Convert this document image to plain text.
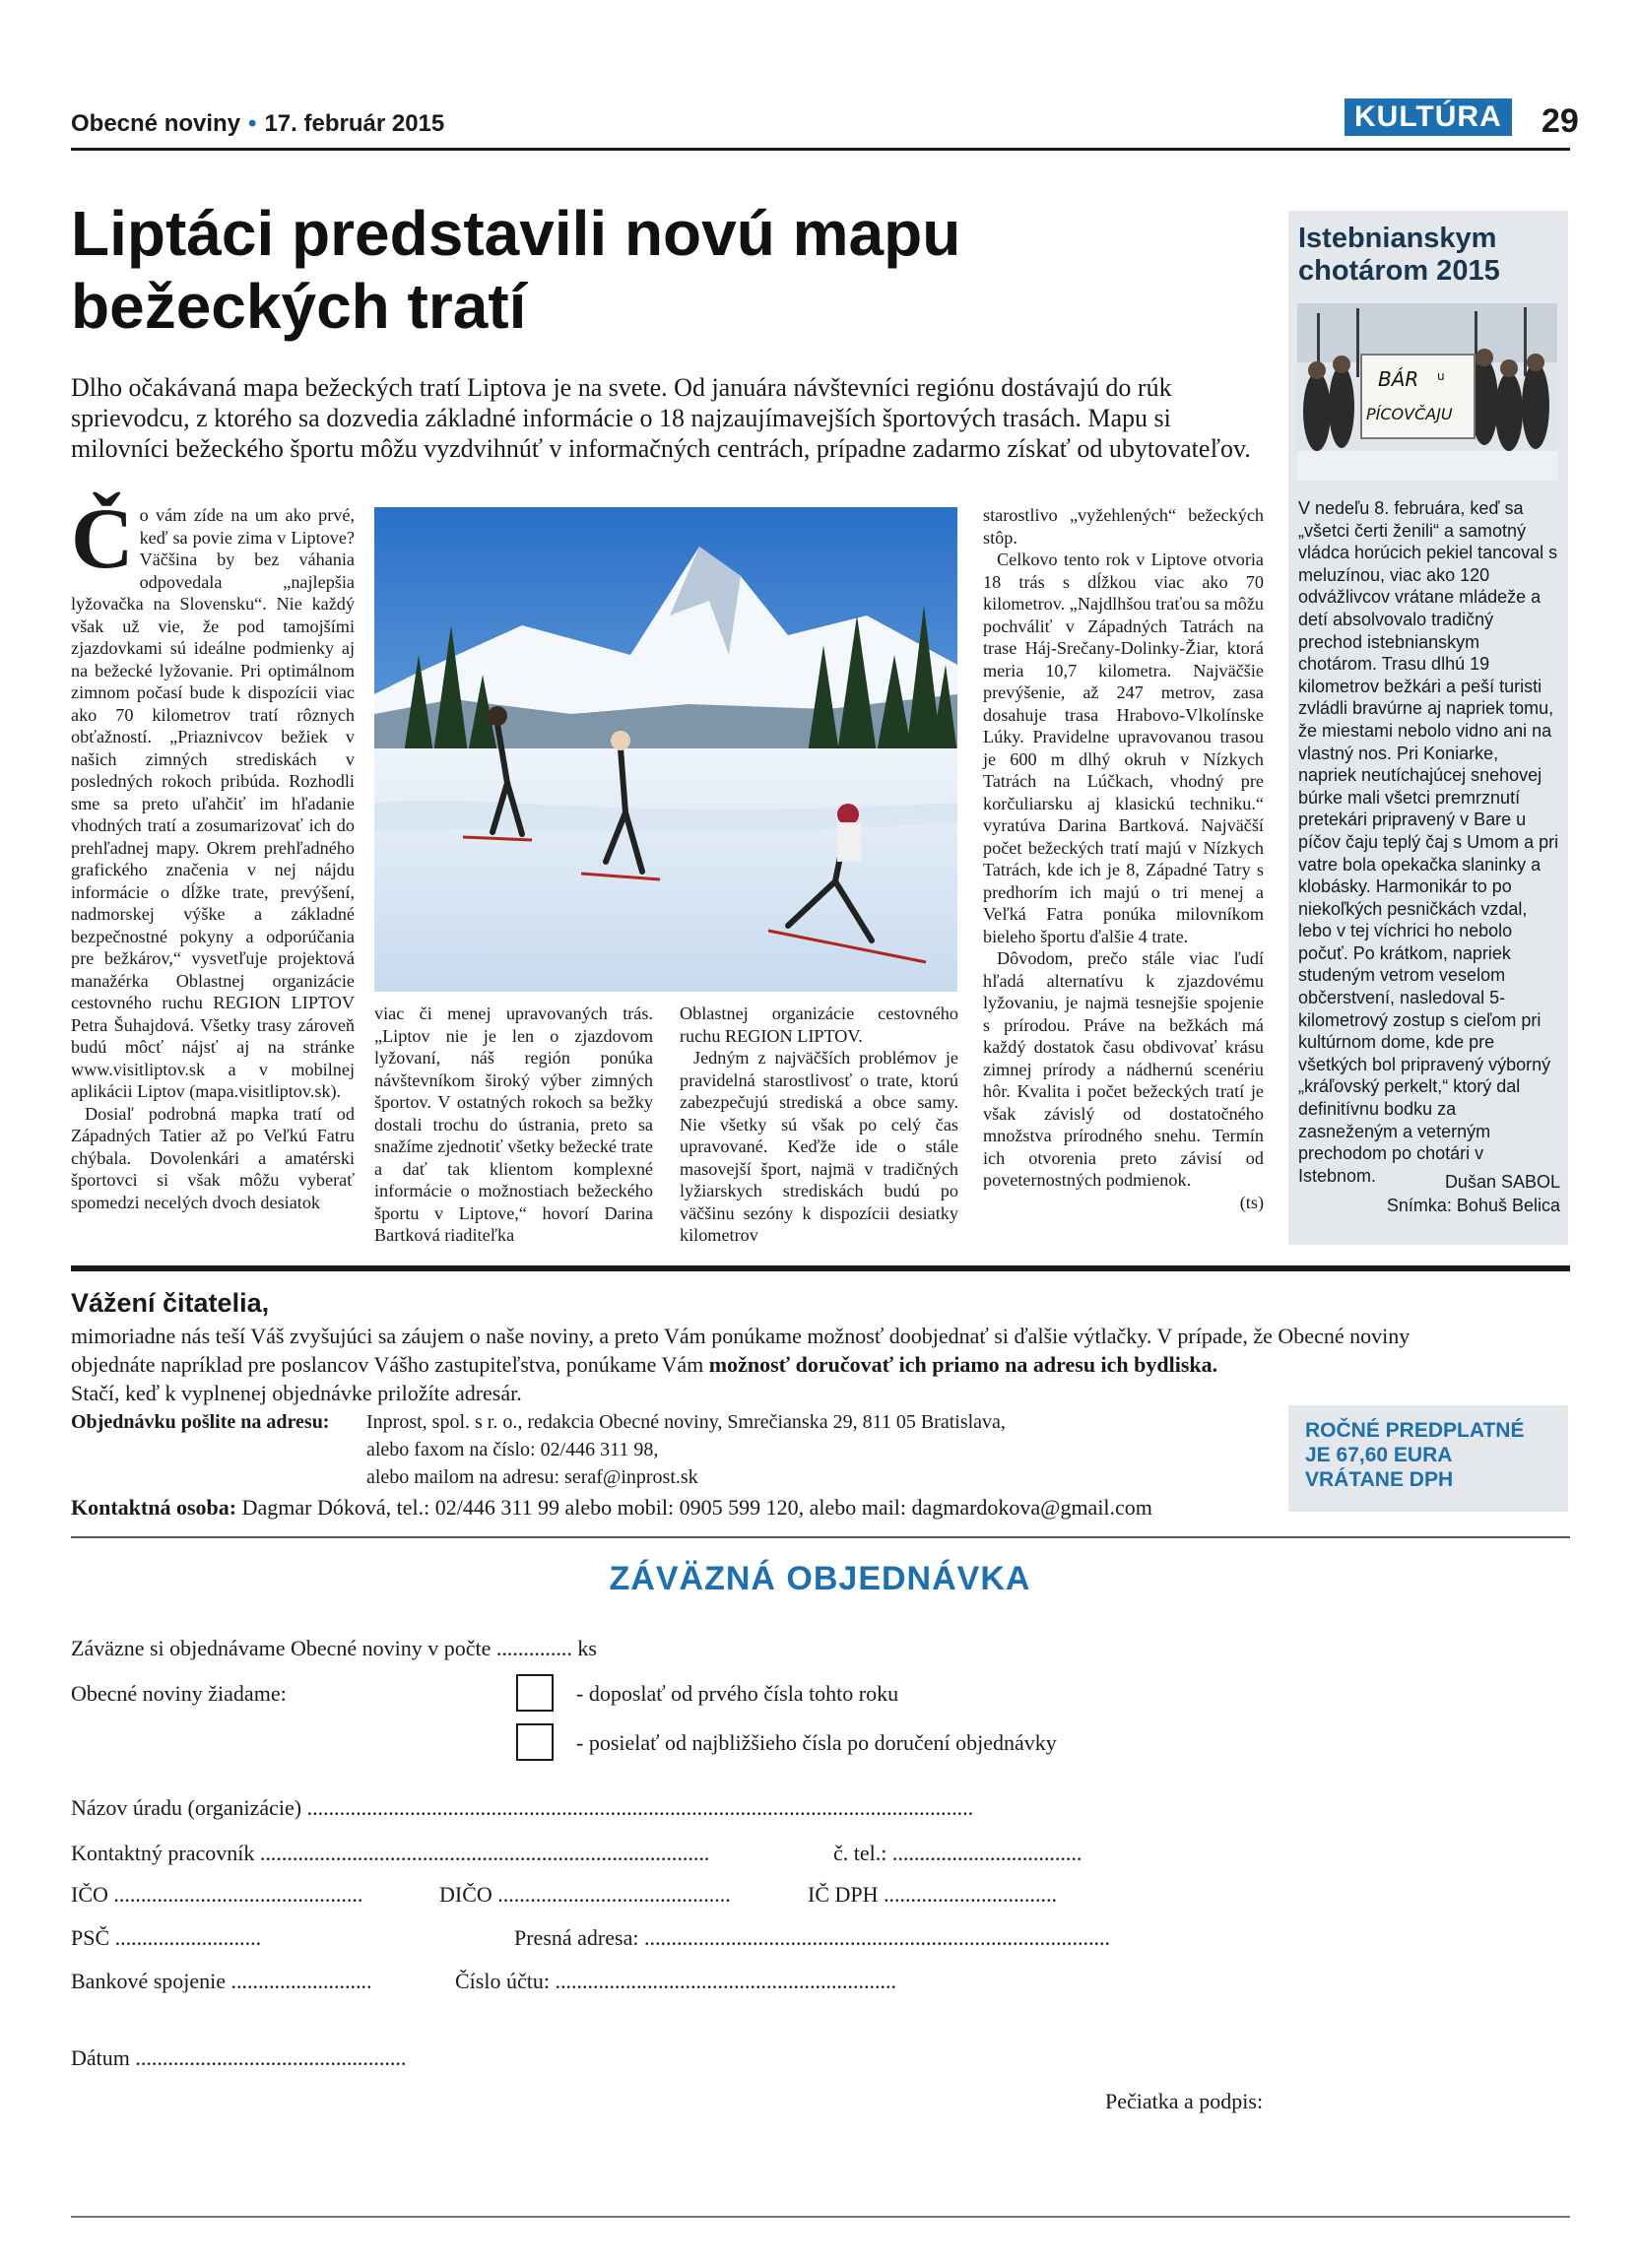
Obecné noviny • 17. február 2015	KULTÚRA 29
Liptáci predstavili novú mapu
bežeckých tratí
Dlho očakávaná mapa bežeckých tratí Liptova je na svete. Od januára návštevníci regiónu dostávajú do rúk sprievodcu, z ktorého sa dozvedia základné informácie o 18 najzaujímavejších športových trasách. Mapu si milovníci bežeckého športu môžu vyzdvihnúť v informačných centrách, prípadne zadarmo získať od ubytovateľov.
Č o vám zíde na um ako prvé, keď sa povie zima v Liptove? Väčšina by bez váhania odpovedala „najlepšia lyžovačka na Slovensku“. Nie každý však už vie, že pod tamojšími zjazdovkami sú ideálne podmienky aj na bežecké lyžovanie. Pri optimálnom zimnom počasí bude k dispozícii viac ako 70 kilometrov tratí rôznych obťažností. „Priaznivcov bežiek v našich zimných strediskách v posledných rokoch pribúda. Rozhodli sme sa preto uľahčiť im hľadanie vhodných tratí a zosumarizovať ich do prehľadnej mapy. Okrem prehľadného grafického značenia v nej nájdu informácie o dĺžke trate, prevýšení, nadmorskej výške a základné bezpečnostné pokyny a odporúčania pre bežkárov,“ vysvetľuje projektová manažérka Oblastnej organizácie cestovného ruchu REGION LIPTOV Petra Šuhajdová. Všetky trasy zároveň budú môcť nájsť aj na stránke www.visitliptov.sk a v mobilnej aplikácii Liptov (mapa.visitliptov.sk).

Dosiaľ podrobná mapka tratí od Západných Tatier až po Veľkú Fatru chýbala. Dovolenkári a amatérski športovci si však môžu vyberať spomedzi necelých dvoch desiatok

viac či menej upravovaných trás. „Liptov nie je len o zjazdovom lyžovaní, náš región ponúka návštevníkom široký výber zimných športov. V ostatných rokoch sa bežky dostali trochu do ústrania, preto sa snažíme zjednotiť všetky bežecké trate a dať tak klientom komplexné informácie o možnostiach bežeckého športu v Liptove,“ hovorí Darina Bartková riaditeľka

Oblastnej organizácie cestovného ruchu REGION LIPTOV.

Jedným z najväčších problémov je pravidelná starostlivosť o trate, ktorú zabezpečujú strediská a obce samy. Nie všetky sú však po celý čas upravované. Keďže ide o stále masovejší šport, najmä v tradičných lyžiarskych strediskách budú po väčšinu sezóny k dispozícii desiatky kilometrov

starostlivo „vyžehlených“ bežeckých stôp.

Celkovo tento rok v Liptove otvoria 18 trás s dĺžkou viac ako 70 kilometrov. „Najdlhšou traťou sa môžu pochváliť v Západných Tatrách na trase Háj-Srečany-Dolinky-Žiar, ktorá meria 10,7 kilometra. Najväčšie prevýšenie, až 247 metrov, zasa dosahuje trasa Hrabovo-Vlkolínske Lúky. Pravidelne upravovanou trasou je 600 m dlhý okruh v Nízkych Tatrách na Lúčkach, vhodný pre korčuliarsku aj klasickú techniku.“ vyratúva Darina Bartková. Najväčší počet bežeckých tratí majú v Nízkych Tatrách, kde ich je 8, Západné Tatry s predhorím ich majú o tri menej a Veľká Fatra ponúka milovníkom bieleho športu ďalšie 4 trate.

Dôvodom, prečo stále viac ľudí hľadá alternatívu k zjazdovému lyžovaniu, je najmä tesnejšie spojenie s prírodou. Práve na bežkách má každý dostatok času obdivovať krásu zimnej prírody a nádhernú scenériu hôr. Kvalita i počet bežeckých tratí je však závislý od dostatočného množstva prírodného snehu. Termín ich otvorenia preto závisí od poveternostných podmienok.

(ts)

Istebnianskym chotárom 2015
BÁR u
PÍCOVČAJU
V nedeľu 8. februára, keď sa „všetci čerti ženili“ a samotný vládca horúcich pekiel tancoval s meluzínou, viac ako 120 odvážlivcov vrátane mládeže a detí absolvovalo tradičný prechod istebnianskym chotárom. Trasu dlhú 19 kilometrov bežkári a peší turisti zvládli bravúrne aj napriek tomu, že miestami nebolo vidno ani na vlastný nos. Pri Koniarke, napriek neutíchajúcej snehovej búrke mali všetci premrznutí pretekári pripravený v Bare u píčov čaju teplý čaj s Umom a pri vatre bola opekačka slaninky a klobásky. Harmonikár to po niekoľkých pesničkách vzdal, lebo v tej víchrici ho nebolo počuť. Po krátkom, napriek studeným vetrom veselom občerstvení, nasledoval 5-kilometrový zostup s cieľom pri kultúrnom dome, kde pre všetkých bol pripravený výborný „kráľovský perkelt,“ ktorý dal definitívnu bodku za zasneženým a veterným prechodom po chotári v Istebnom.	Dušan SABOL
Snímka: Bohuš Belica
Vážení čitatelia,
mimoriadne nás teší Váš zvyšujúci sa záujem o naše noviny, a preto Vám ponúkame možnosť doobjednať si ďalšie výtlačky. V prípade, že Obecné noviny objednáte napríklad pre poslancov Vášho zastupiteľstva, ponúkame Vám možnosť doručovať ich priamo na adresu ich bydliska.
Stačí, keď k vyplnenej objednávke priložíte adresár.
Objednávku pošlite na adresu: Inprost, spol. s r. o., redakcia Obecné noviny, Smrečianska 29, 811 05 Bratislava,
alebo faxom na číslo: 02/446 311 98,
alebo mailom na adresu: seraf@inprost.sk
Kontaktná osoba: Dagmar Dóková, tel.: 02/446 311 99 alebo mobil: 0905 599 120, alebo mail: dagmardokova@gmail.com
ROČNÉ PREDPLATNÉ
JE 67,60 EURA
VRÁTANE DPH
ZÁVÄZNÁ OBJEDNÁVKA
Záväzne si objednávame Obecné noviny v počte .............. ks
Obecné noviny žiadame:	- doposlať od prvého čísla tohto roku
- posielať od najbližšieho čísla po doručení objednávky
Názov úradu (organizácie) ...........................................................................................................................
Kontaktný pracovník ...................................................................................	č. tel.: ...................................
IČO ..............................................	DIČO ...........................................	IČ DPH ................................
PSČ ...........................	Presná adresa: ......................................................................................
Bankové spojenie ..........................	Číslo účtu: ...............................................................
Dátum ..................................................
Pečiatka a podpis:
